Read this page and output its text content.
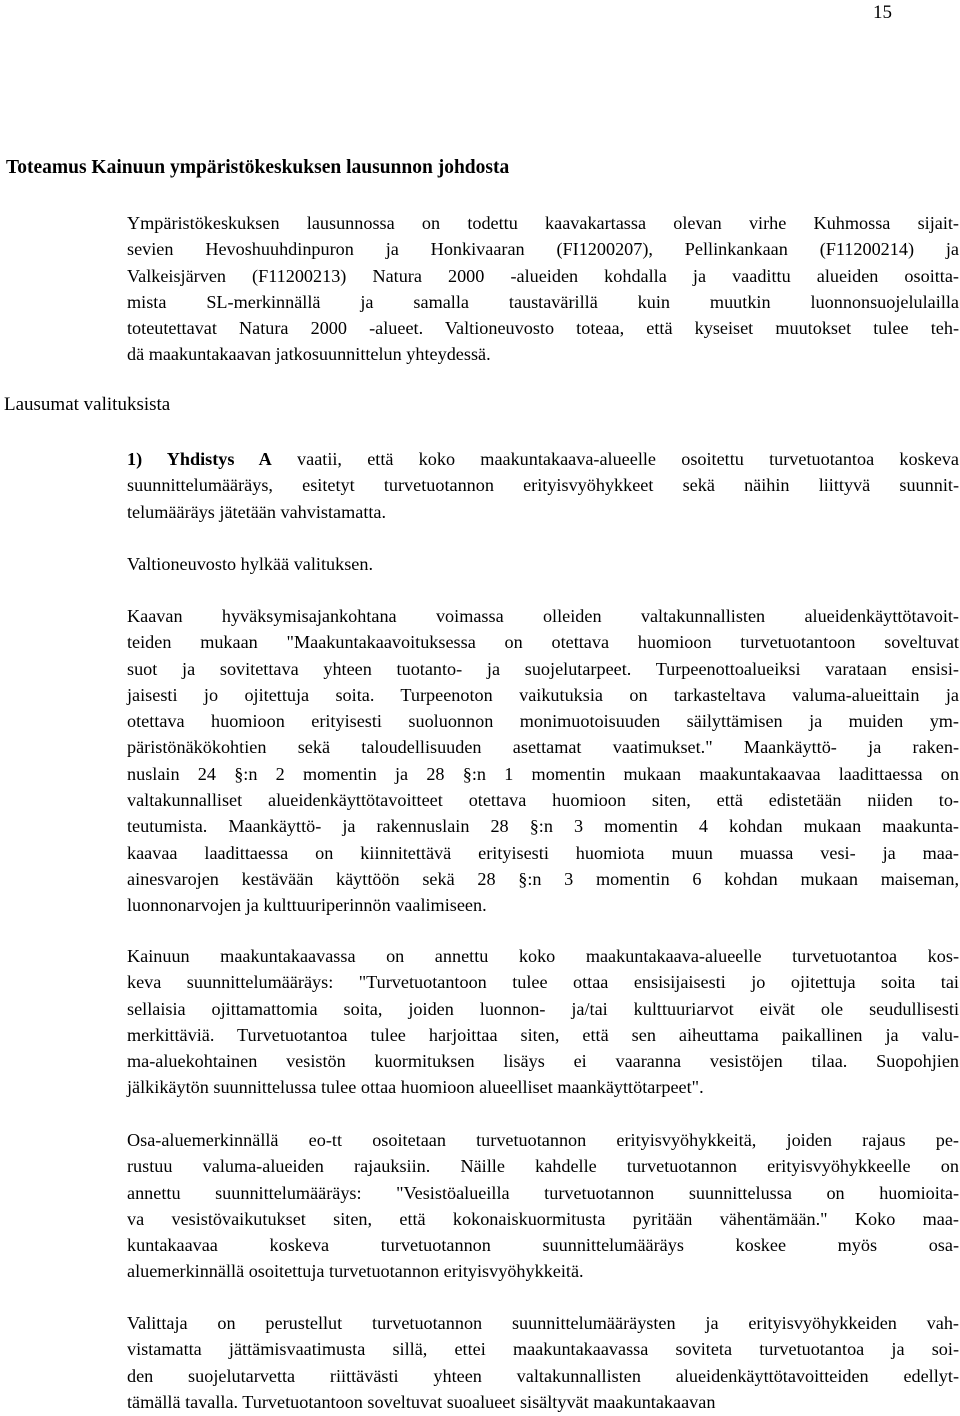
15
Toteamus Kainuun ympäristökeskuksen lausunnon johdosta
Lausumat valituksista

Ympäristökeskuksen lausunnossa on todettu kaavakartassa olevan virhe Kuhmossa sijait-
sevien Hevoshuuhdinpuron ja Honkivaaran (FI1200207), Pellinkankaan (F11200214) ja
Valkeisjärven (F11200213) Natura 2000 -alueiden kohdalla ja vaadittu alueiden osoitta-
mista SL-merkinnällä ja samalla taustavärillä kuin muutkin luonnonsuojelulailla
toteutettavat Natura 2000 -alueet. Valtioneuvosto toteaa, että kyseiset muutokset tulee teh-
dä maakuntakaavan jatkosuunnittelun yhteydessä.

1) Yhdistys A vaatii, että koko maakuntakaava-alueelle osoitettu turvetuotantoa koskeva
suunnittelumääräys, esitetyt turvetuotannon erityisvyöhykkeet sekä näihin liittyvä suunnit-
telumääräys jätetään vahvistamatta.

Valtioneuvosto hylkää valituksen.

Kaavan hyväksymisajankohtana voimassa olleiden valtakunnallisten alueidenkäyttötavoit-
teiden mukaan "Maakuntakaavoituksessa on otettava huomioon turvetuotantoon soveltuvat
suot ja sovitettava yhteen tuotanto- ja suojelutarpeet. Turpeenottoalueiksi varataan ensisi-
jaisesti jo ojitettuja soita. Turpeenoton vaikutuksia on tarkasteltava valuma-alueittain ja
otettava huomioon erityisesti suoluonnon monimuotoisuuden säilyttämisen ja muiden ym-
päristönäkökohtien sekä taloudellisuuden asettamat vaatimukset." Maankäyttö- ja raken-
nuslain 24 §:n 2 momentin ja 28 §:n 1 momentin mukaan maakuntakaavaa laadittaessa on
valtakunnalliset alueidenkäyttötavoitteet otettava huomioon siten, että edistetään niiden to-
teutumista. Maankäyttö- ja rakennuslain 28 §:n 3 momentin 4 kohdan mukaan maakunta-
kaavaa laadittaessa on kiinnitettävä erityisesti huomiota muun muassa vesi- ja maa-
ainesvarojen kestävään käyttöön sekä 28 §:n 3 momentin 6 kohdan mukaan maiseman,
luonnonarvojen ja kulttuuriperinnön vaalimiseen.

Kainuun maakuntakaavassa on annettu koko maakuntakaava-alueelle turvetuotantoa kos-
keva suunnittelumääräys: "Turvetuotantoon tulee ottaa ensisijaisesti jo ojitettuja soita tai
sellaisia ojittamattomia soita, joiden luonnon- ja/tai kulttuuriarvot eivät ole seudullisesti
merkittäviä. Turvetuotantoa tulee harjoittaa siten, että sen aiheuttama paikallinen ja valu-
ma-aluekohtainen vesistön kuormituksen lisäys ei vaaranna vesistöjen tilaa. Suopohjien
jälkikäytön suunnittelussa tulee ottaa huomioon alueelliset maankäyttötarpeet".

Osa-aluemerkinnällä eo-tt osoitetaan turvetuotannon erityisvyöhykkeitä, joiden rajaus pe-
rustuu valuma-alueiden rajauksiin. Näille kahdelle turvetuotannon erityisvyöhykkeelle on
annettu suunnittelumääräys: "Vesistöalueilla turvetuotannon suunnittelussa on huomioita-
va vesistövaikutukset siten, että kokonaiskuormitusta pyritään vähentämään." Koko maa-
kuntakaavaa koskeva turvetuotannon suunnittelumääräys koskee myös osa-
aluemerkinnällä osoitettuja turvetuotannon erityisvyöhykkeitä.

Valittaja on perustellut turvetuotannon suunnittelumääräysten ja erityisvyöhykkeiden vah-
vistamatta jättämisvaatimusta sillä, ettei maakuntakaavassa soviteta turvetuotantoa ja soi-
den suojelutarvetta riittävästi yhteen valtakunnallisten alueidenkäyttötavoitteiden edellyt-
tämällä tavalla. Turvetuotantoon soveltuvat suoalueet sisältyvät maakuntakaavan
